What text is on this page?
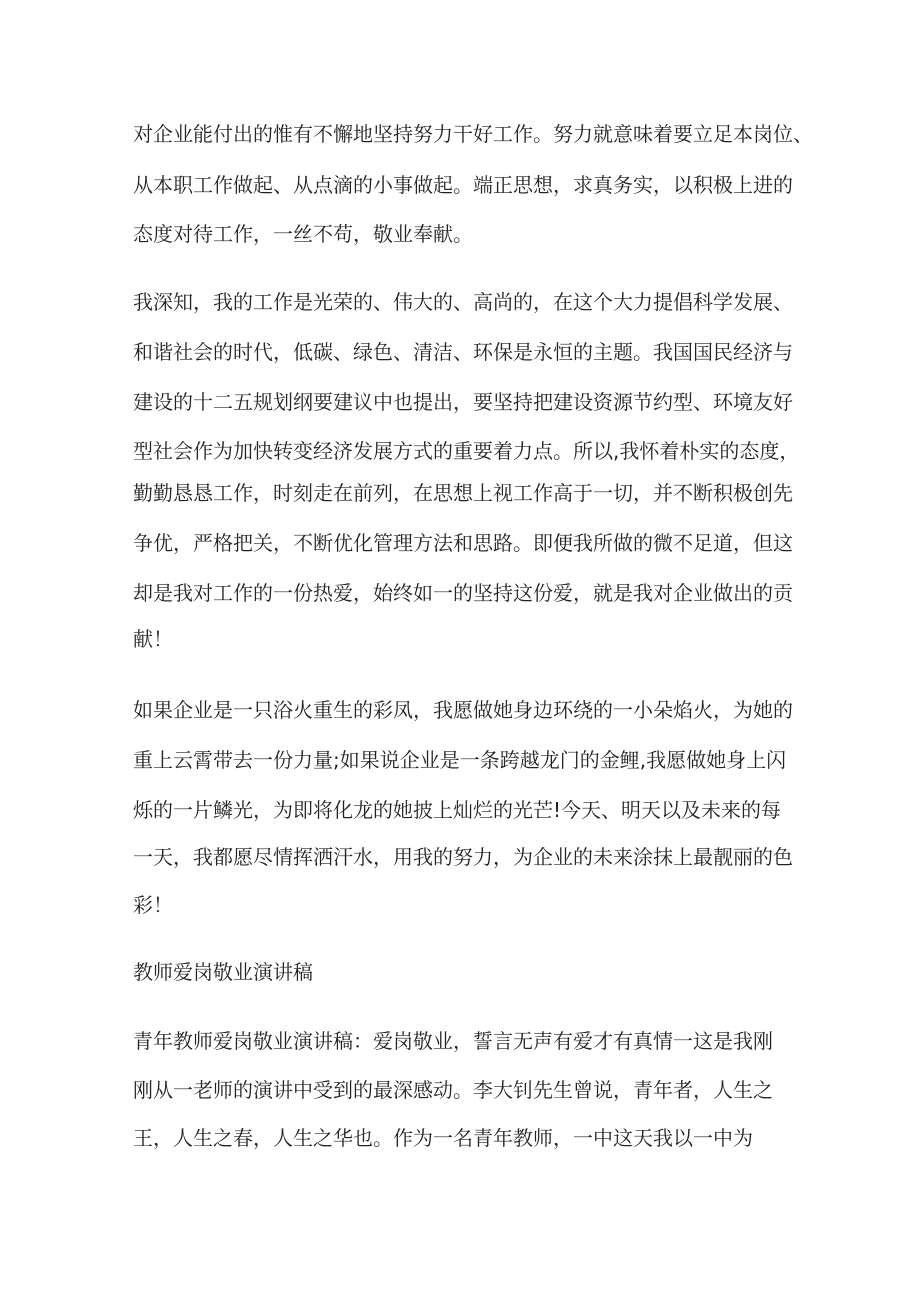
对企业能付出的惟有不懈地坚持努力干好工作。努力就意味着要立足本岗位、

从本职工作做起、从点滴的小事做起。端正思想，求真务实，以积极上进的

态度对待工作，一丝不苟，敬业奉献。

我深知，我的工作是光荣的、伟大的、高尚的，在这个大力提倡科学发展、

和谐社会的时代，低碳、绿色、清洁、环保是永恒的主题。我国国民经济与

建设的十二五规划纲要建议中也提出，要坚持把建设资源节约型、环境友好

型社会作为加快转变经济发展方式的重要着力点。所以,我怀着朴实的态度，

勤勤恳恳工作，时刻走在前列，在思想上视工作高于一切，并不断积极创先

争优，严格把关，不断优化管理方法和思路。即便我所做的微不足道，但这

却是我对工作的一份热爱，始终如一的坚持这份爱，就是我对企业做出的贡

献！

如果企业是一只浴火重生的彩凤，我愿做她身边环绕的一小朵焰火，为她的

重上云霄带去一份力量;如果说企业是一条跨越龙门的金鲤,我愿做她身上闪

烁的一片鳞光，为即将化龙的她披上灿烂的光芒!今天、明天以及未来的每

一天，我都愿尽情挥洒汗水，用我的努力，为企业的未来涂抹上最靓丽的色

彩！

教师爱岗敬业演讲稿

青年教师爱岗敬业演讲稿：爱岗敬业，誓言无声有爱才有真情一这是我刚

刚从一老师的演讲中受到的最深感动。李大钊先生曾说，青年者，人生之

王，人生之春，人生之华也。作为一名青年教师，一中这天我以一中为
